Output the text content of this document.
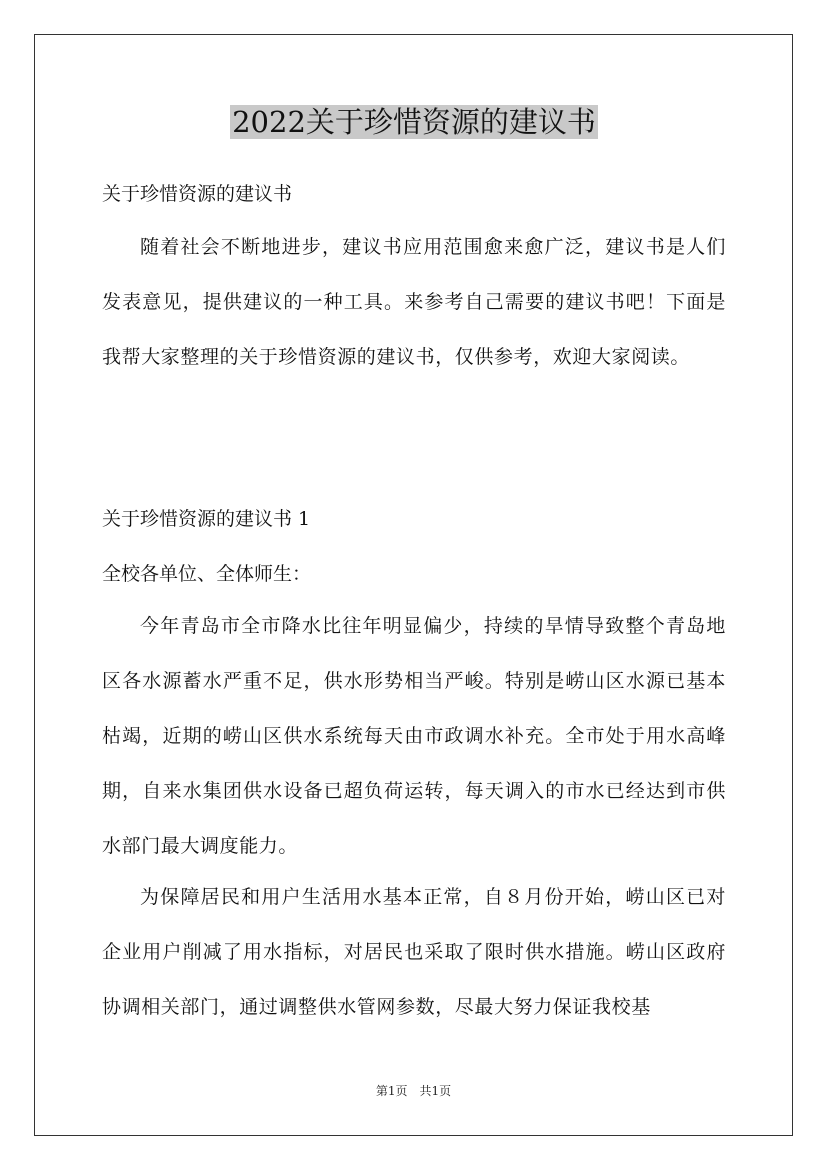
2022关于珍惜资源的建议书

关于珍惜资源的建议书

随着社会不断地进步，建议书应用范围愈来愈广泛，建议书是人们发表意见，提供建议的一种工具。来参考自己需要的建议书吧！下面是我帮大家整理的关于珍惜资源的建议书，仅供参考，欢迎大家阅读。

关于珍惜资源的建议书 1

全校各单位、全体师生：

今年青岛市全市降水比往年明显偏少，持续的旱情导致整个青岛地区各水源蓄水严重不足，供水形势相当严峻。特别是崂山区水源已基本枯竭，近期的崂山区供水系统每天由市政调水补充。全市处于用水高峰期，自来水集团供水设备已超负荷运转，每天调入的市水已经达到市供水部门最大调度能力。

为保障居民和用户生活用水基本正常，自８月份开始，崂山区已对企业用户削减了用水指标，对居民也采取了限时供水措施。崂山区政府协调相关部门，通过调整供水管网参数，尽最大努力保证我校基

第1页　共1页
